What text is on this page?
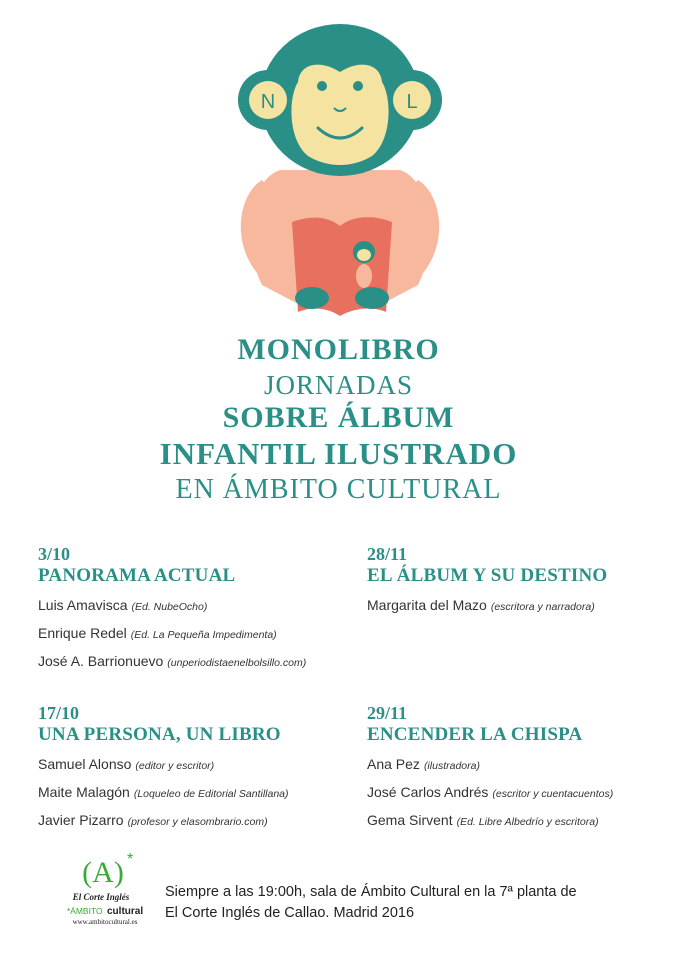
N	L
MONOLIBRO
JORNADAS
SOBRE ÁLBUM
INFANTIL ILUSTRADO
EN ÁMBITO CULTURAL
3/10
PANORAMA ACTUAL
Luis Amavisca (Ed. NubeOcho)
Enrique Redel (Ed. La Pequeña Impedimenta)
José A. Barrionuevo (unperiodistaenelbolsillo.com)
28/11
EL ÁLBUM Y SU DESTINO
Margarita del Mazo (escritora y narradora)
17/10
UNA PERSONA, UN LIBRO
Samuel Alonso (editor y escritor)
Maite Malagón (Loqueleo de Editorial Santillana)
Javier Pizarro (profesor y elasombrario.com)
29/11
ENCENDER LA CHISPA
Ana Pez (ilustradora)
José Carlos Andrés (escritor y cuentacuentos)
Gema Sirvent (Ed. Libre Albedrío y escritora)
(A) *
El Corte Inglés
*ÁMBITO cultural
www.ambitocultural.es
Siempre a las 19:00h, sala de Ámbito Cultural en la 7ª planta de
El Corte Inglés de Callao. Madrid 2016
